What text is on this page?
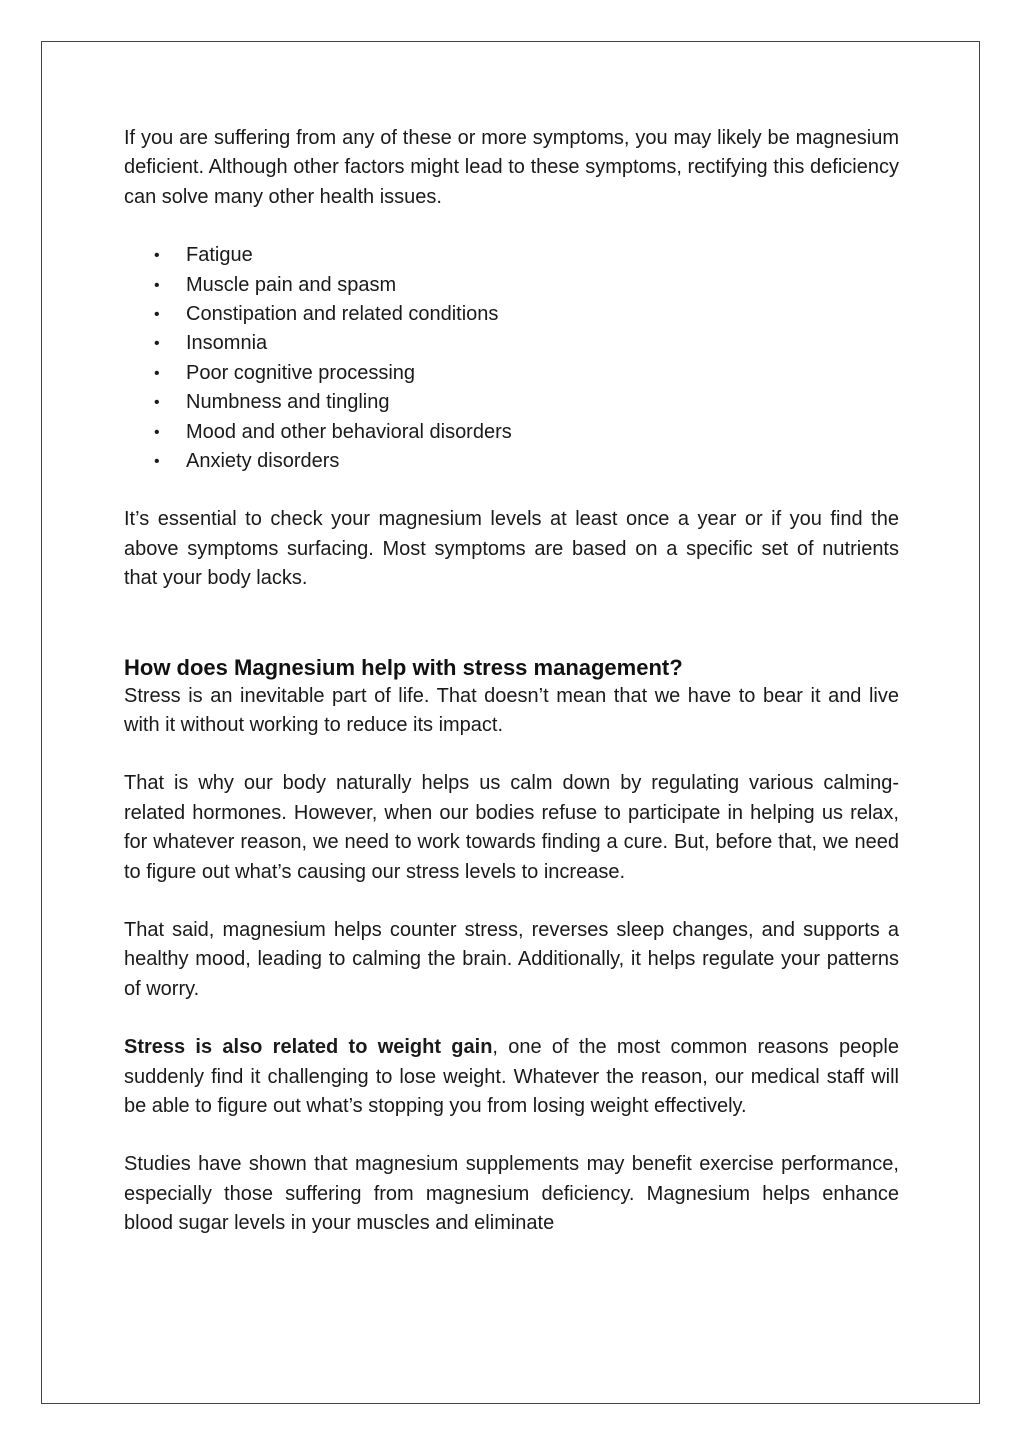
If you are suffering from any of these or more symptoms, you may likely be magnesium deficient. Although other factors might lead to these symptoms, rectifying this deficiency can solve many other health issues.

• Fatigue
• Muscle pain and spasm
• Constipation and related conditions
• Insomnia
• Poor cognitive processing
• Numbness and tingling
• Mood and other behavioral disorders
• Anxiety disorders

It’s essential to check your magnesium levels at least once a year or if you find the above symptoms surfacing. Most symptoms are based on a specific set of nutrients that your body lacks.

How does Magnesium help with stress management?

Stress is an inevitable part of life. That doesn’t mean that we have to bear it and live with it without working to reduce its impact.

That is why our body naturally helps us calm down by regulating various calming-related hormones. However, when our bodies refuse to participate in helping us relax, for whatever reason, we need to work towards finding a cure. But, before that, we need to figure out what’s causing our stress levels to increase.

That said, magnesium helps counter stress, reverses sleep changes, and supports a healthy mood, leading to calming the brain. Additionally, it helps regulate your patterns of worry.

Stress is also related to weight gain, one of the most common reasons people suddenly find it challenging to lose weight. Whatever the reason, our medical staff will be able to figure out what’s stopping you from losing weight effectively.

Studies have shown that magnesium supplements may benefit exercise performance, especially those suffering from magnesium deficiency. Magnesium helps enhance blood sugar levels in your muscles and eliminate
